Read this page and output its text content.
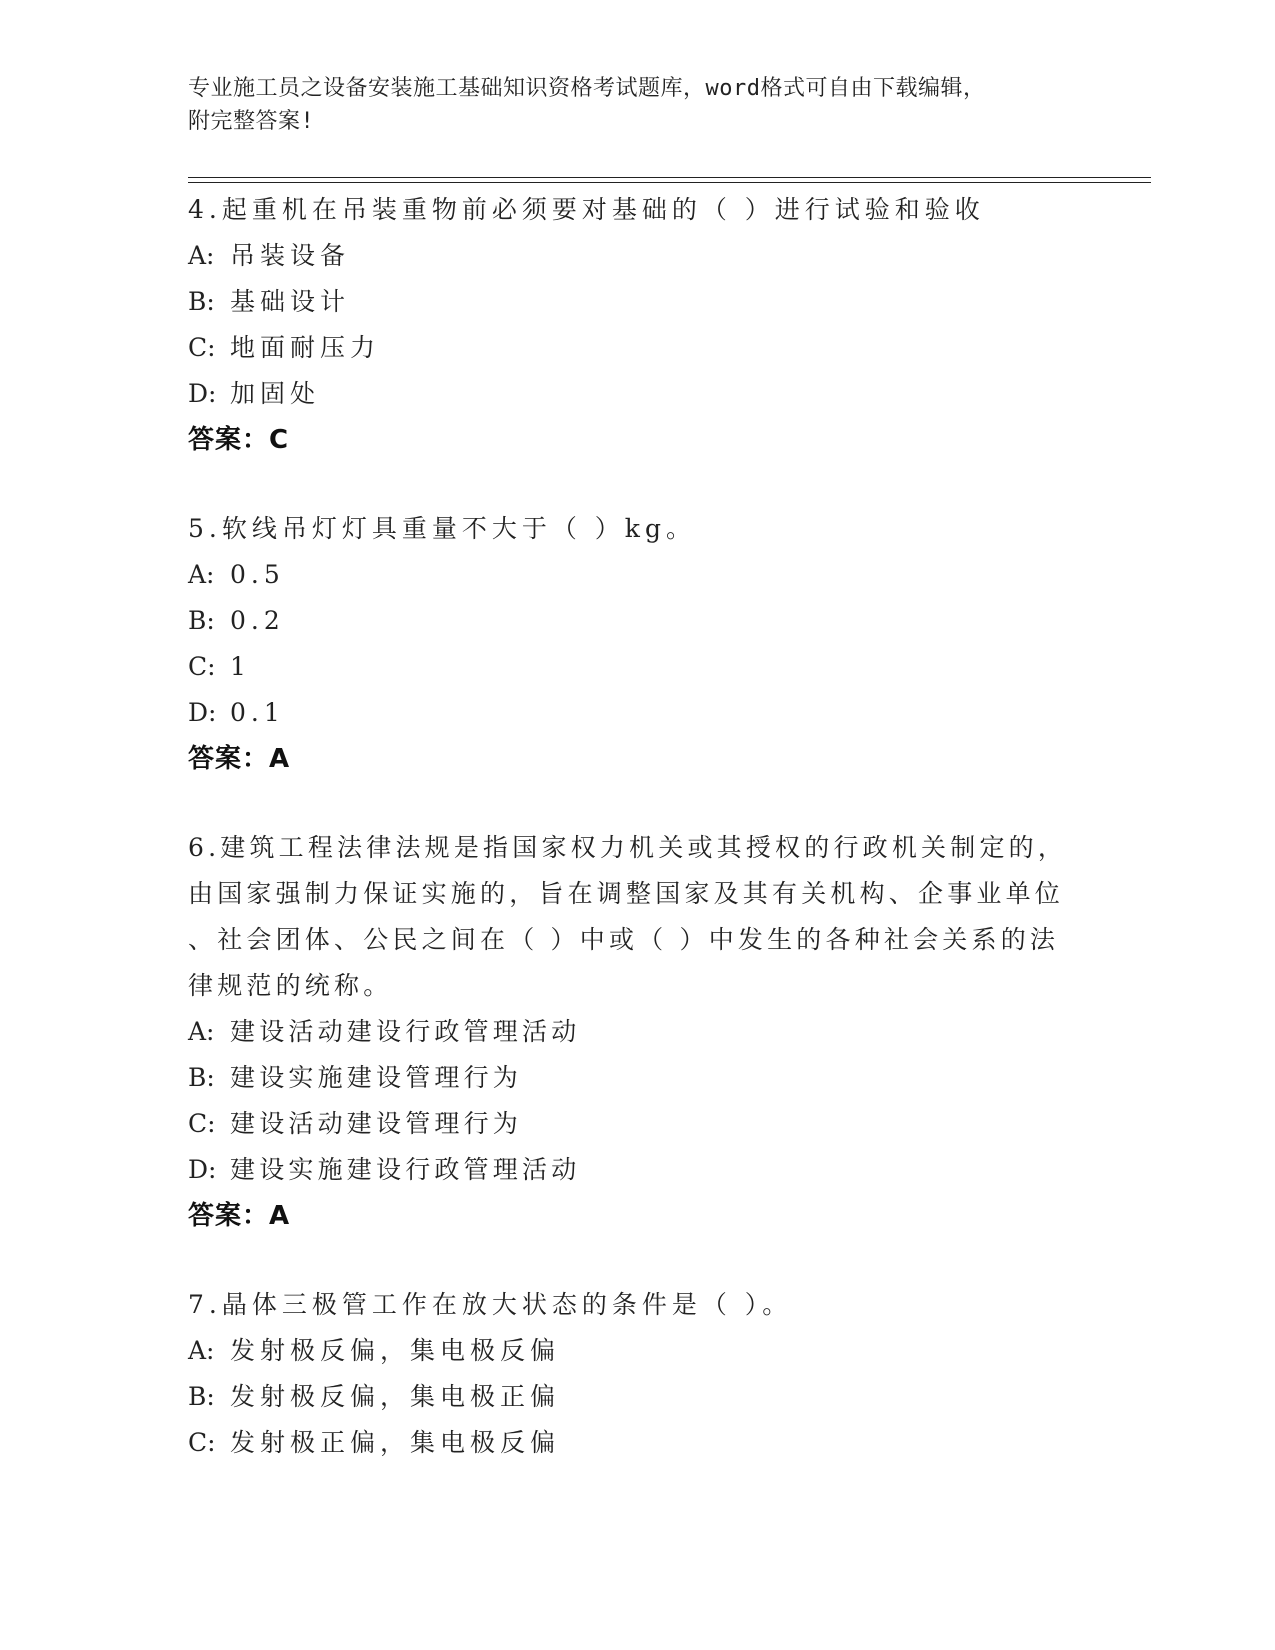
专业施工员之设备安装施工基础知识资格考试题库，word格式可自由下载编辑，
附完整答案!
4.起重机在吊装重物前必须要对基础的（ ）进行试验和验收
A: 吊装设备
B: 基础设计
C: 地面耐压力
D: 加固处
答案：C
5.软线吊灯灯具重量不大于（ ）kg。
A: 0.5
B: 0.2
C: 1
D: 0.1
答案：A
6.建筑工程法律法规是指国家权力机关或其授权的行政机关制定的，
由国家强制力保证实施的，旨在调整国家及其有关机构、企事业单位
、社会团体、公民之间在（ ）中或（ ）中发生的各种社会关系的法
律规范的统称。
A: 建设活动建设行政管理活动
B: 建设实施建设管理行为
C: 建设活动建设管理行为
D: 建设实施建设行政管理活动
答案：A
7.晶体三极管工作在放大状态的条件是（ ）。
A: 发射极反偏，集电极反偏
B: 发射极反偏，集电极正偏
C: 发射极正偏，集电极反偏
